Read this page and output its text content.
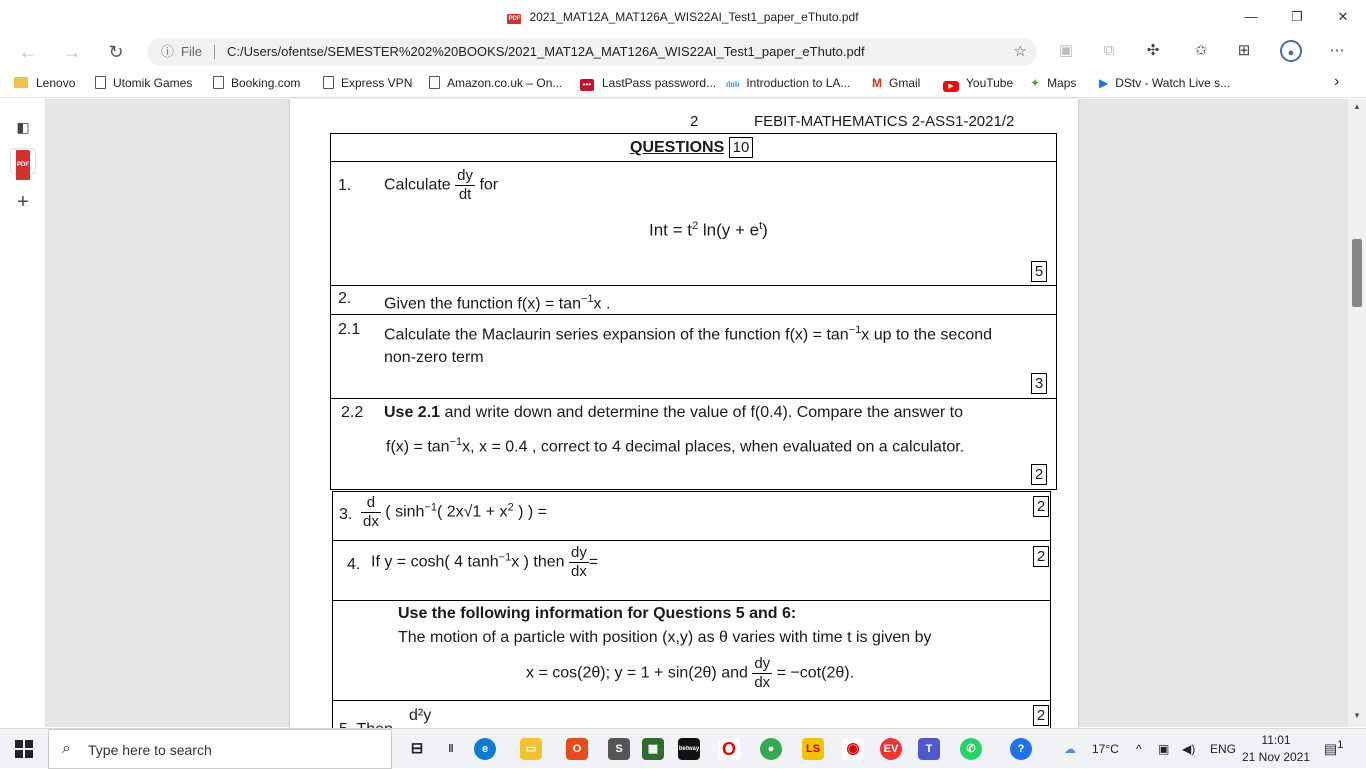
PDF 2021_MAT12A_MAT126A_WIS22AI_Test1_paper_eThuto.pdf	—	❐	✕
← → ↻	ⓘ File C:/Users/ofentse/SEMESTER%202%20BOOKS/2021_MAT12A_MAT126A_WIS22AI_Test1_paper_eThuto.pdf	☆ ▣	⧉	✣	✩	⊞	●	⋯
Lenovo	Utomik Games	Booking.com	Express VPN	Amazon.co.uk – On...	••• LastPass password... ılıılı Introduction to LA... M Gmail	▶ YouTube ✦ Maps ▶ DStv - Watch Live s...	›
◧
PDF
+
2	FEBIT-MATHEMATICS 2-ASS1-2021/2
QUESTIONS 10
1. Calculate $\frac{dy}{dt}$ for
Int = $t^2$ $\ln(y + e^t)$
5
2. Given the function $f(x) = \tan^{-1}x$ .
2.1 Calculate the Maclaurin series expansion of the function $f(x) = \tan^{-1}x$ up to the second
non-zero term
3
2.2 Use 2.1 and write down and determine the value of f(0.4). Compare the answer to
$f(x) = \tan^{-1}x$, x = 0.4 , correct to 4 decimal places, when evaluated on a calculator.
2
3. $\frac{d}{dx}$ ( $\sinh^{-1}$( $2x√1 + x^2$ ) ) =	2
4. If y = cosh( 4 $\tanh^{-1}x$ ) then $\frac{dy}{dx}$ =	2
Use the following information for Questions 5 and 6:
The motion of a particle with position (x,y) as θ varies with time t is given by
x = cos(2θ); y = 1 + sin(2θ) and $\frac{dy}{dx} = -\cot(2\theta)$.
d²y	2
▲
▼
⌕ Type here to search	⊟	‖	e	▭	O	S	▦	betway O	●	LS ◉	EV	T	✆	?	☁ 17°C ^ ▣ ◀) ENG
11:01
21 Nov 2021
▤$^1$
